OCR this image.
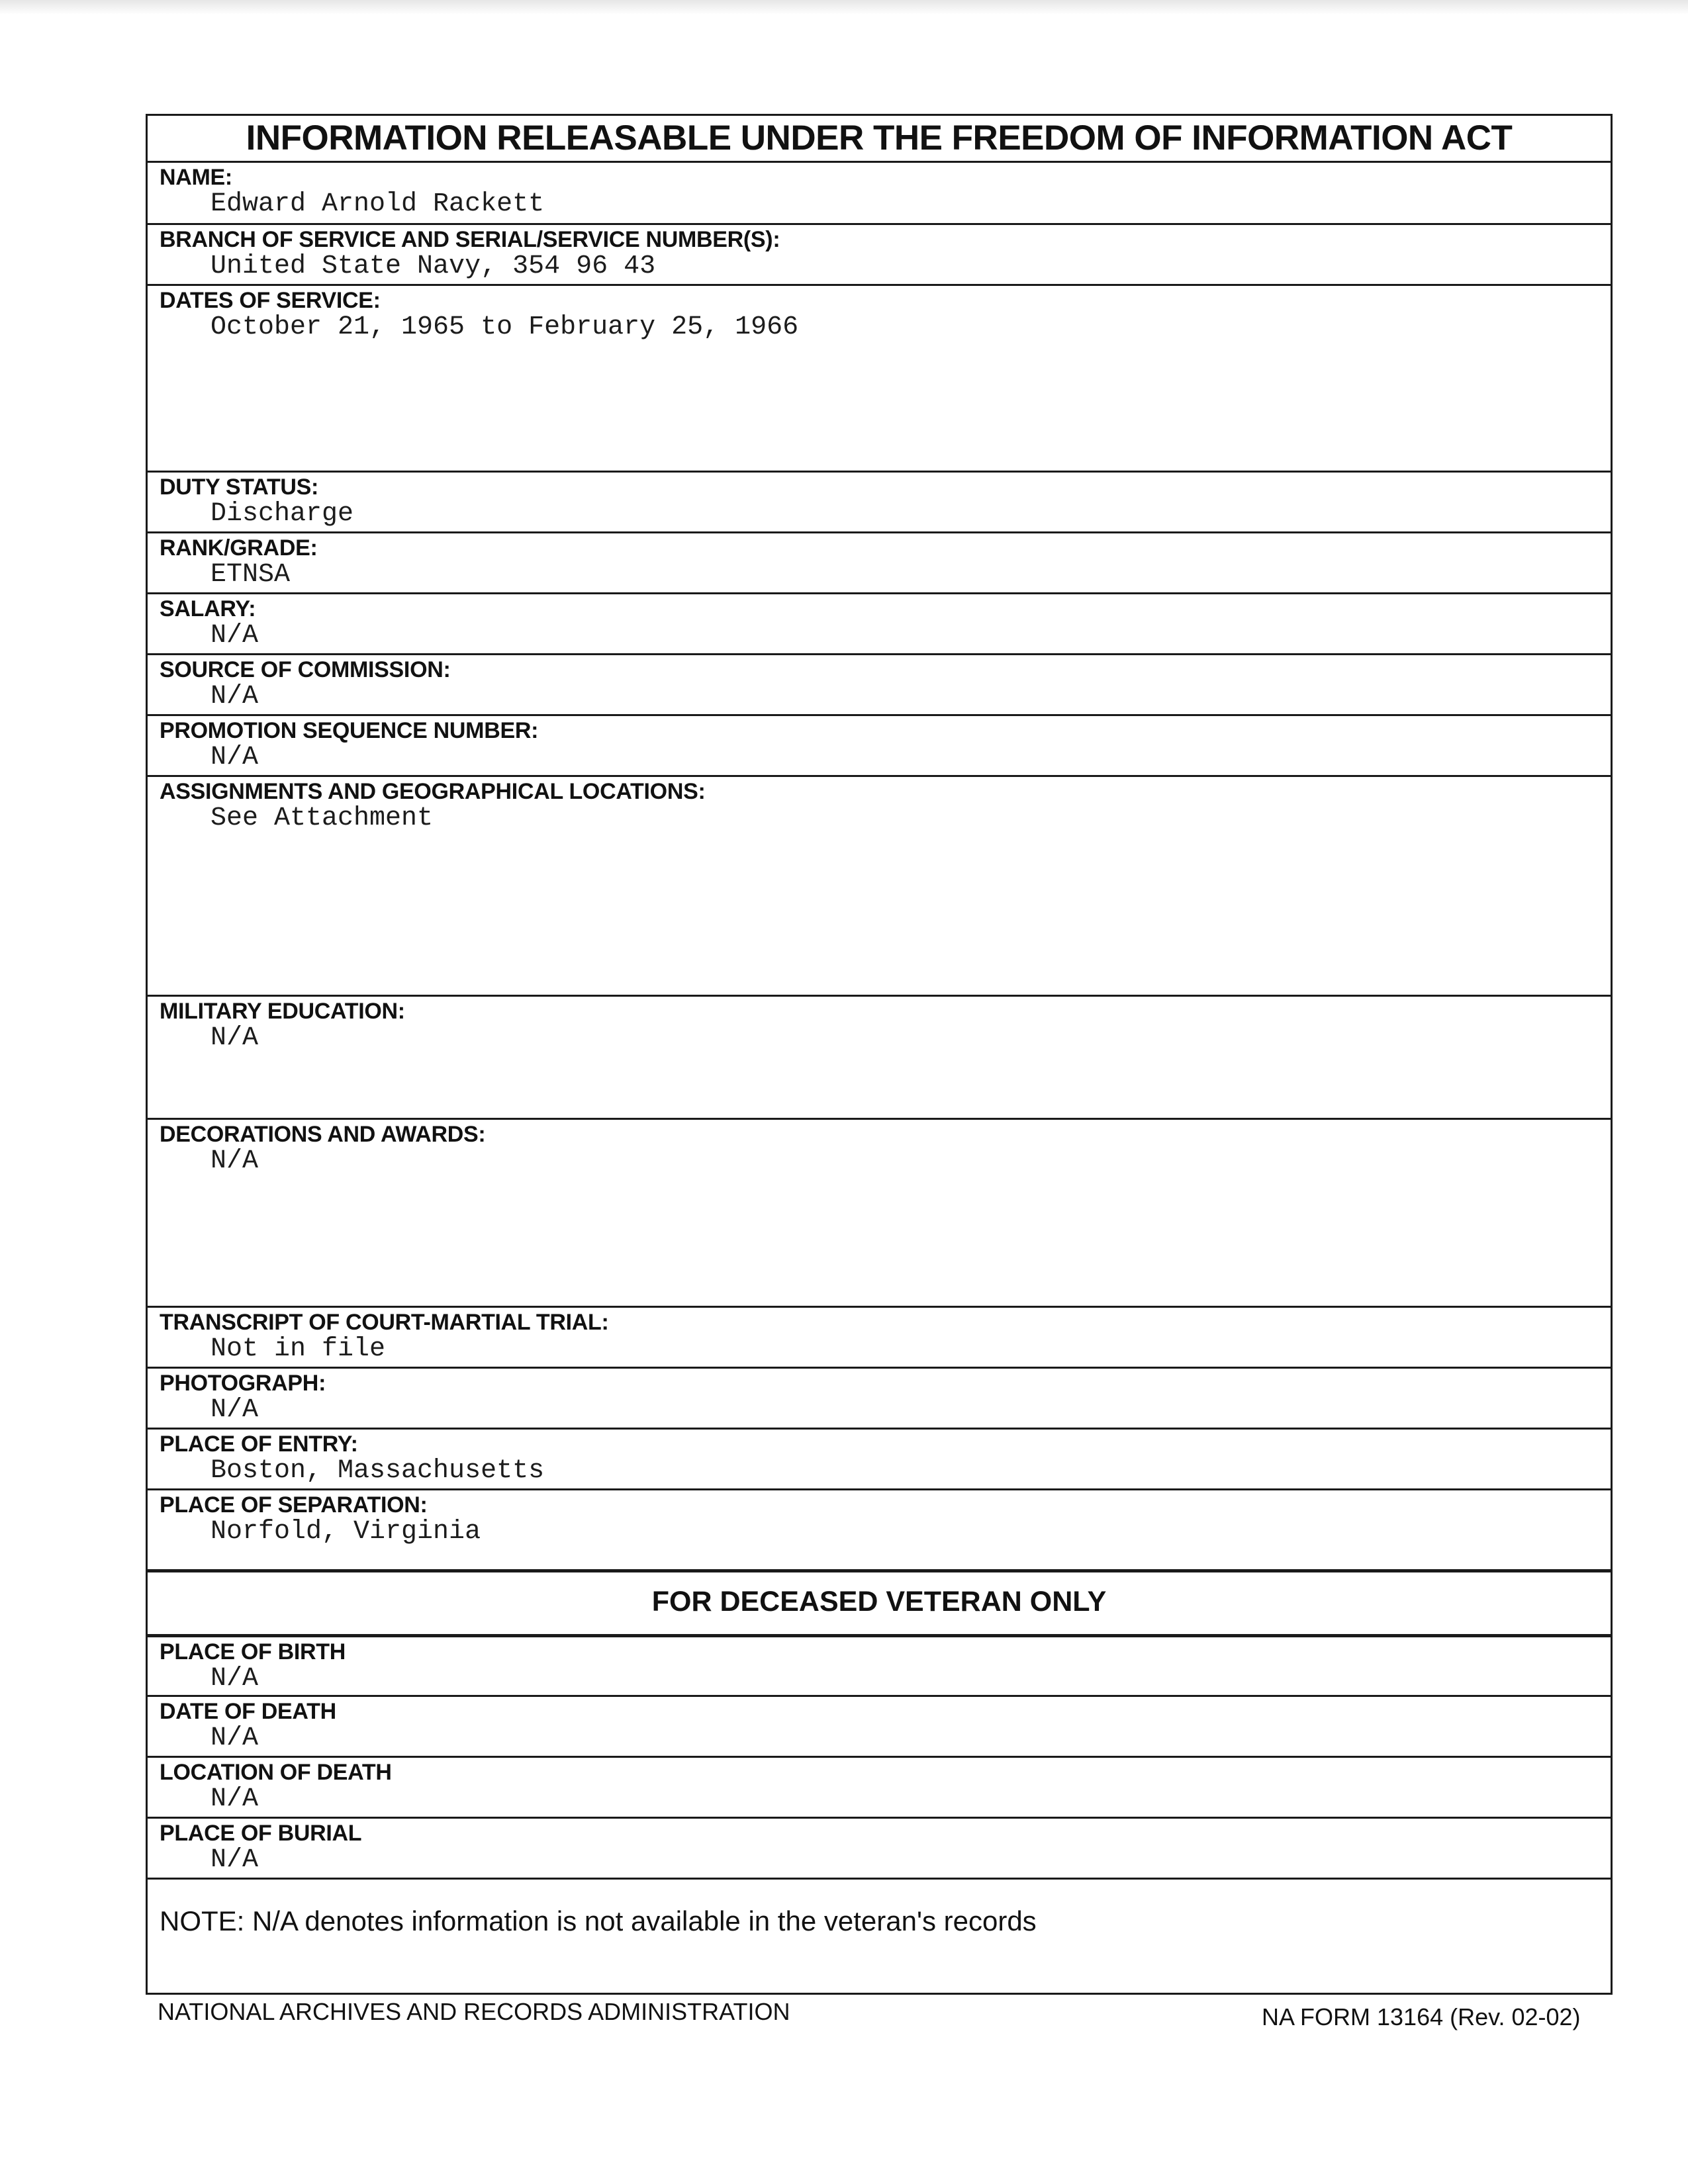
INFORMATION RELEASABLE UNDER THE FREEDOM OF INFORMATION ACT
NAME:
Edward Arnold Rackett
BRANCH OF SERVICE AND SERIAL/SERVICE NUMBER(S):
United State Navy, 354 96 43
DATES OF SERVICE:
October 21, 1965 to February 25, 1966
DUTY STATUS:
Discharge
RANK/GRADE:
ETNSA
SALARY:
N/A
SOURCE OF COMMISSION:
N/A
PROMOTION SEQUENCE NUMBER:
N/A
ASSIGNMENTS AND GEOGRAPHICAL LOCATIONS:
See Attachment
MILITARY EDUCATION:
N/A
DECORATIONS AND AWARDS:
N/A
TRANSCRIPT OF COURT-MARTIAL TRIAL:
Not in file
PHOTOGRAPH:
N/A
PLACE OF ENTRY:
Boston, Massachusetts
PLACE OF SEPARATION:
Norfold, Virginia
FOR DECEASED VETERAN ONLY
PLACE OF BIRTH
N/A
DATE OF DEATH
N/A
LOCATION OF DEATH
N/A
PLACE OF BURIAL
N/A
NOTE: N/A denotes information is not available in the veteran's records
NATIONAL ARCHIVES AND RECORDS ADMINISTRATION	NA FORM 13164 (Rev. 02-02)
